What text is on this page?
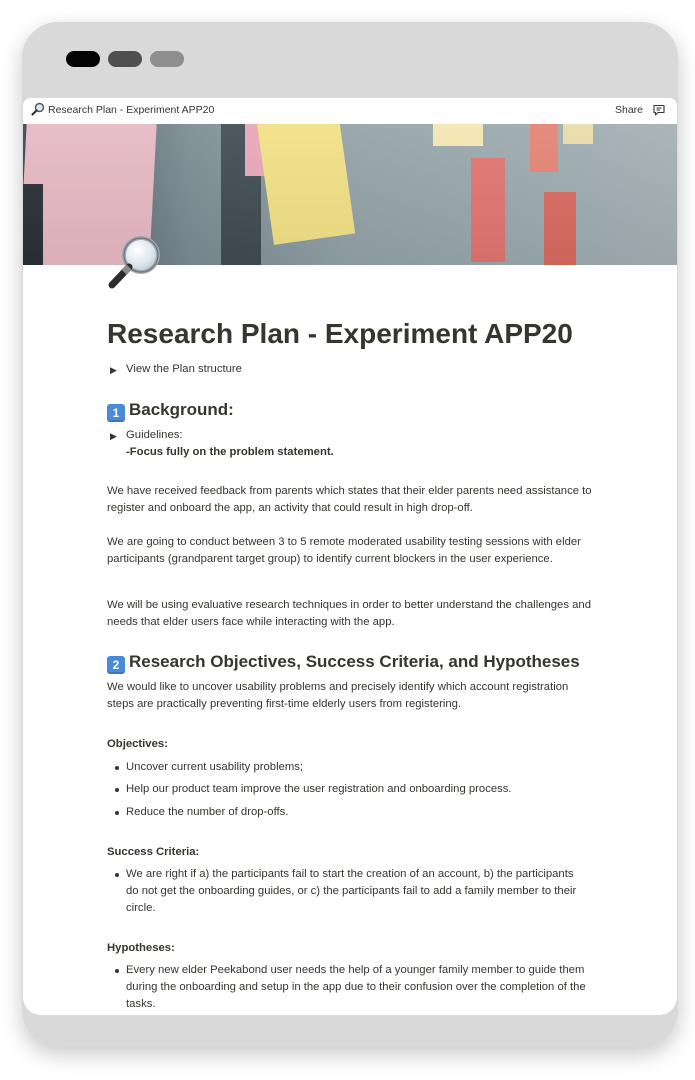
Research Plan - Experiment APP20	Share
Research Plan - Experiment APP20
▶ View the Plan structure
1 Background:
▶ Guidelines:
-Focus fully on the problem statement.
We have received feedback from parents which states that their elder parents need assistance to
register and onboard the app, an activity that could result in high drop-off.
We are going to conduct between 3 to 5 remote moderated usability testing sessions with elder
participants (grandparent target group) to identify current blockers in the user experience.
We will be using evaluative research techniques in order to better understand the challenges and
needs that elder users face while interacting with the app.
2 Research Objectives, Success Criteria, and Hypotheses
We would like to uncover usability problems and precisely identify which account registration
steps are practically preventing first-time elderly users from registering.
Objectives:
Uncover current usability problems;
Help our product team improve the user registration and onboarding process.
Reduce the number of drop-offs.
Success Criteria:
We are right if a) the participants fail to start the creation of an account, b) the participants
do not get the onboarding guides, or c) the participants fail to add a family member to their
circle.
Hypotheses:
Every new elder Peekabond user needs the help of a younger family member to guide them
during the onboarding and setup in the app due to their confusion over the completion of the
tasks.
